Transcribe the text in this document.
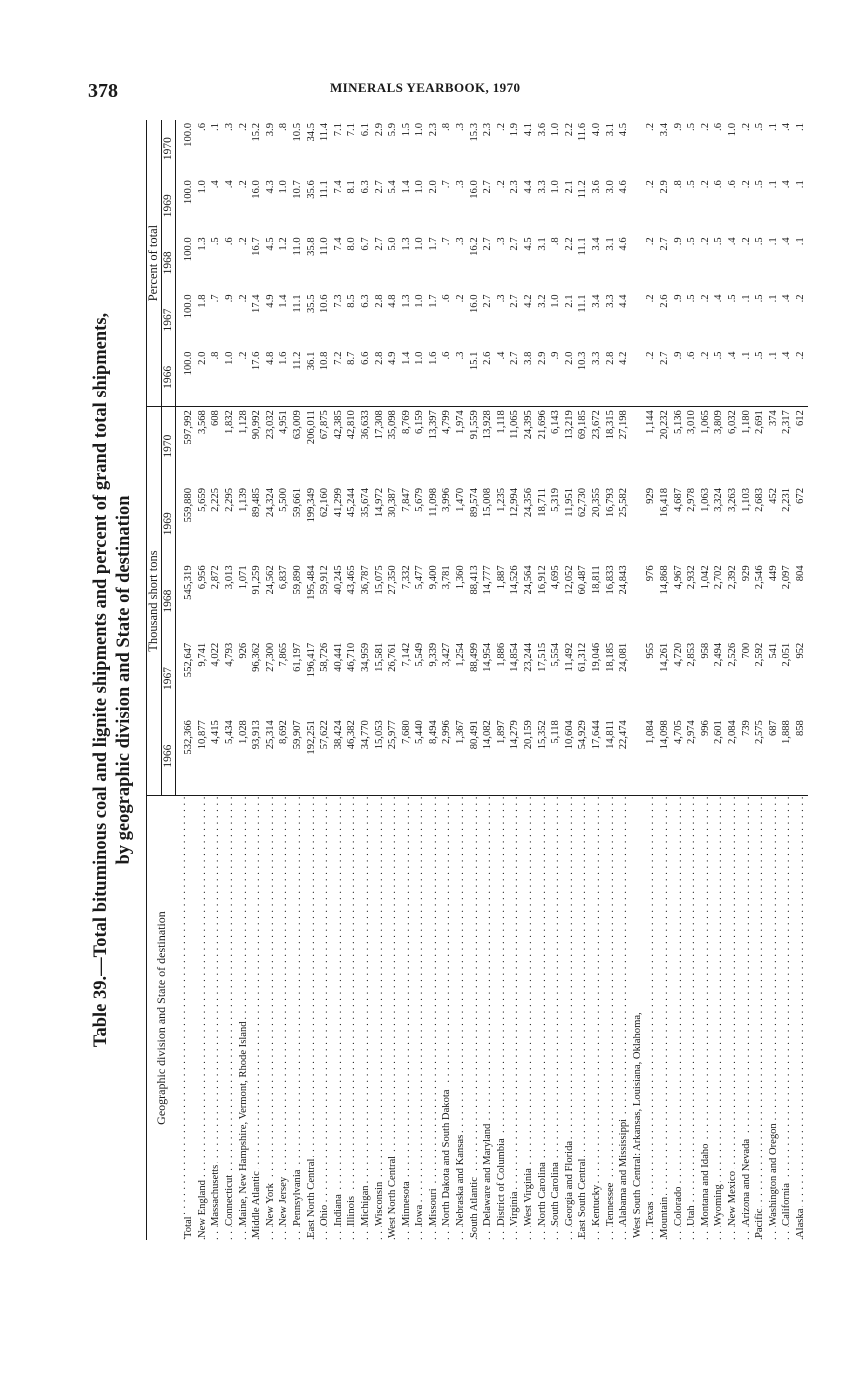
378	MINERALS YEARBOOK, 1970
Table 39.—Total bituminous coal and lignite shipments and percent of grand total shipments, by geographic division and State of destination
Geographic division and State of destination	Thousand short tons					Percent of total				
	1966	1967	1968	1969	1970	1966	1967	1968	1969	1970
Total . . .	532,366	552,647	545,319	559,880	597,992	100.0	100.0	100.0	100.0	100.0
New England . . .	10,877	9,741	6,956	5,659	3,568	2.0	1.8	1.3	1.0	.6
Massachusetts . . .	4,415	4,022	2,872	2,225	608	.8	.7	.5	.4	.1
Connecticut . . .	5,434	4,793	3,013	2,295	1,832	1.0	.9	.6	.4	.3
Maine, New Hampshire, Vermont, Rhode Island . . .	1,028	926	1,071	1,139	1,128	.2	.2	.2	.2	.2
Middle Atlantic . . .	93,913	96,362	91,259	89,485	90,992	17.6	17.4	16.7	16.0	15.2
New York . . .	25,314	27,300	24,562	24,324	23,032	4.8	4.9	4.5	4.3	3.9
New Jersey . . .	8,692	7,865	6,837	5,500	4,951	1.6	1.4	1.2	1.0	.8
Pennsylvania . . .	59,907	61,197	59,890	59,661	63,009	11.2	11.1	11.0	10.7	10.5
East North Central . . .	192,251	196,417	195,484	199,349	206,011	36.1	35.5	35.8	35.6	34.5
Ohio . . .	57,622	58,726	59,912	62,160	67,875	10.8	10.6	11.0	11.1	11.4
Indiana . . .	38,424	40,441	40,245	41,299	42,385	7.2	7.3	7.4	7.4	7.1
Illinois . . .	46,382	46,710	43,465	45,244	42,810	8.7	8.5	8.0	8.1	7.1
Michigan . . .	34,770	34,959	36,787	35,674	36,633	6.6	6.3	6.7	6.3	6.1
Wisconsin . . .	15,053	15,581	15,075	14,972	17,308	2.8	2.8	2.7	2.7	2.9
West North Central . . .	25,977	26,761	27,350	30,387	35,098	4.9	4.8	5.0	5.4	5.9
Minnesota . . .	7,680	7,142	7,332	7,847	8,769	1.4	1.3	1.3	1.4	1.5
Iowa . . .	5,440	5,549	5,477	5,679	6,159	1.0	1.0	1.0	1.0	1.0
Missouri . . .	8,494	9,339	9,400	11,098	13,397	1.6	1.7	1.7	2.0	2.3
North Dakota and South Dakota . . .	2,996	3,427	3,781	3,996	4,799	.6	.6	.7	.7	.8
Nebraska and Kansas . . .	1,367	1,254	1,360	1,470	1,974	.3	.2	.3	.3	.3
South Atlantic . . .	80,491	88,499	88,413	89,574	91,559	15.1	16.0	16.2	16.0	15.3
Delaware and Maryland . . .	14,082	14,954	14,777	15,008	13,928	2.6	2.7	2.7	2.7	2.3
District of Columbia . . .	1,897	1,886	1,887	1,235	1,118	.4	.3	.3	.2	.2
Virginia . . .	14,279	14,854	14,526	12,994	11,065	2.7	2.7	2.7	2.3	1.9
West Virginia . . .	20,159	23,244	24,564	24,356	24,395	3.8	4.2	4.5	4.4	4.1
North Carolina . . .	15,352	17,515	16,912	18,711	21,696	2.9	3.2	3.1	3.3	3.6
South Carolina . . .	5,118	5,554	4,695	5,319	6,143	.9	1.0	.8	1.0	1.0
Georgia and Florida . . .	10,604	11,492	12,052	11,951	13,219	2.0	2.1	2.2	2.1	2.2
East South Central . . .	54,929	61,312	60,487	62,730	69,185	10.3	11.1	11.1	11.2	11.6
Kentucky . . .	17,644	19,046	18,811	20,355	23,672	3.3	3.4	3.4	3.6	4.0
Tennessee . . .	14,811	18,185	16,833	16,793	18,315	2.8	3.3	3.1	3.0	3.1
Alabama and Mississippi . . .	22,474	24,081	24,843	25,582	27,198	4.2	4.4	4.6	4.6	4.5
West South Central: Arkansas, Louisiana, Oklahoma,										
Texas . . .	1,084	955	976	929	1,144	.2	.2	.2	.2	.2
Mountain . . .	14,098	14,261	14,868	16,418	20,232	2.7	2.6	2.7	2.9	3.4
Colorado . . .	4,705	4,720	4,967	4,687	5,136	.9	.9	.9	.8	.9
Utah . . .	2,974	2,853	2,932	2,978	3,010	.6	.5	.5	.5	.5
Montana and Idaho . . .	996	958	1,042	1,063	1,065	.2	.2	.2	.2	.2
Wyoming . . .	2,601	2,494	2,702	3,324	3,809	.5	.4	.5	.6	.6
New Mexico . . .	2,084	2,526	2,392	3,263	6,032	.4	.5	.4	.6	1.0
Arizona and Nevada . . .	739	700	929	1,103	1,180	.1	.1	.2	.2	.2
Pacific . . .	2,575	2,592	2,546	2,683	2,691	.5	.5	.5	.5	.5
Washington and Oregon . . .	687	541	449	452	374	.1	.1	.1	.1	.1
California . . .	1,888	2,051	2,097	2,231	2,317	.4	.4	.4	.4	.4
Alaska . . .	858	952	804	672	612	.2	.2	.1	.1	.1
